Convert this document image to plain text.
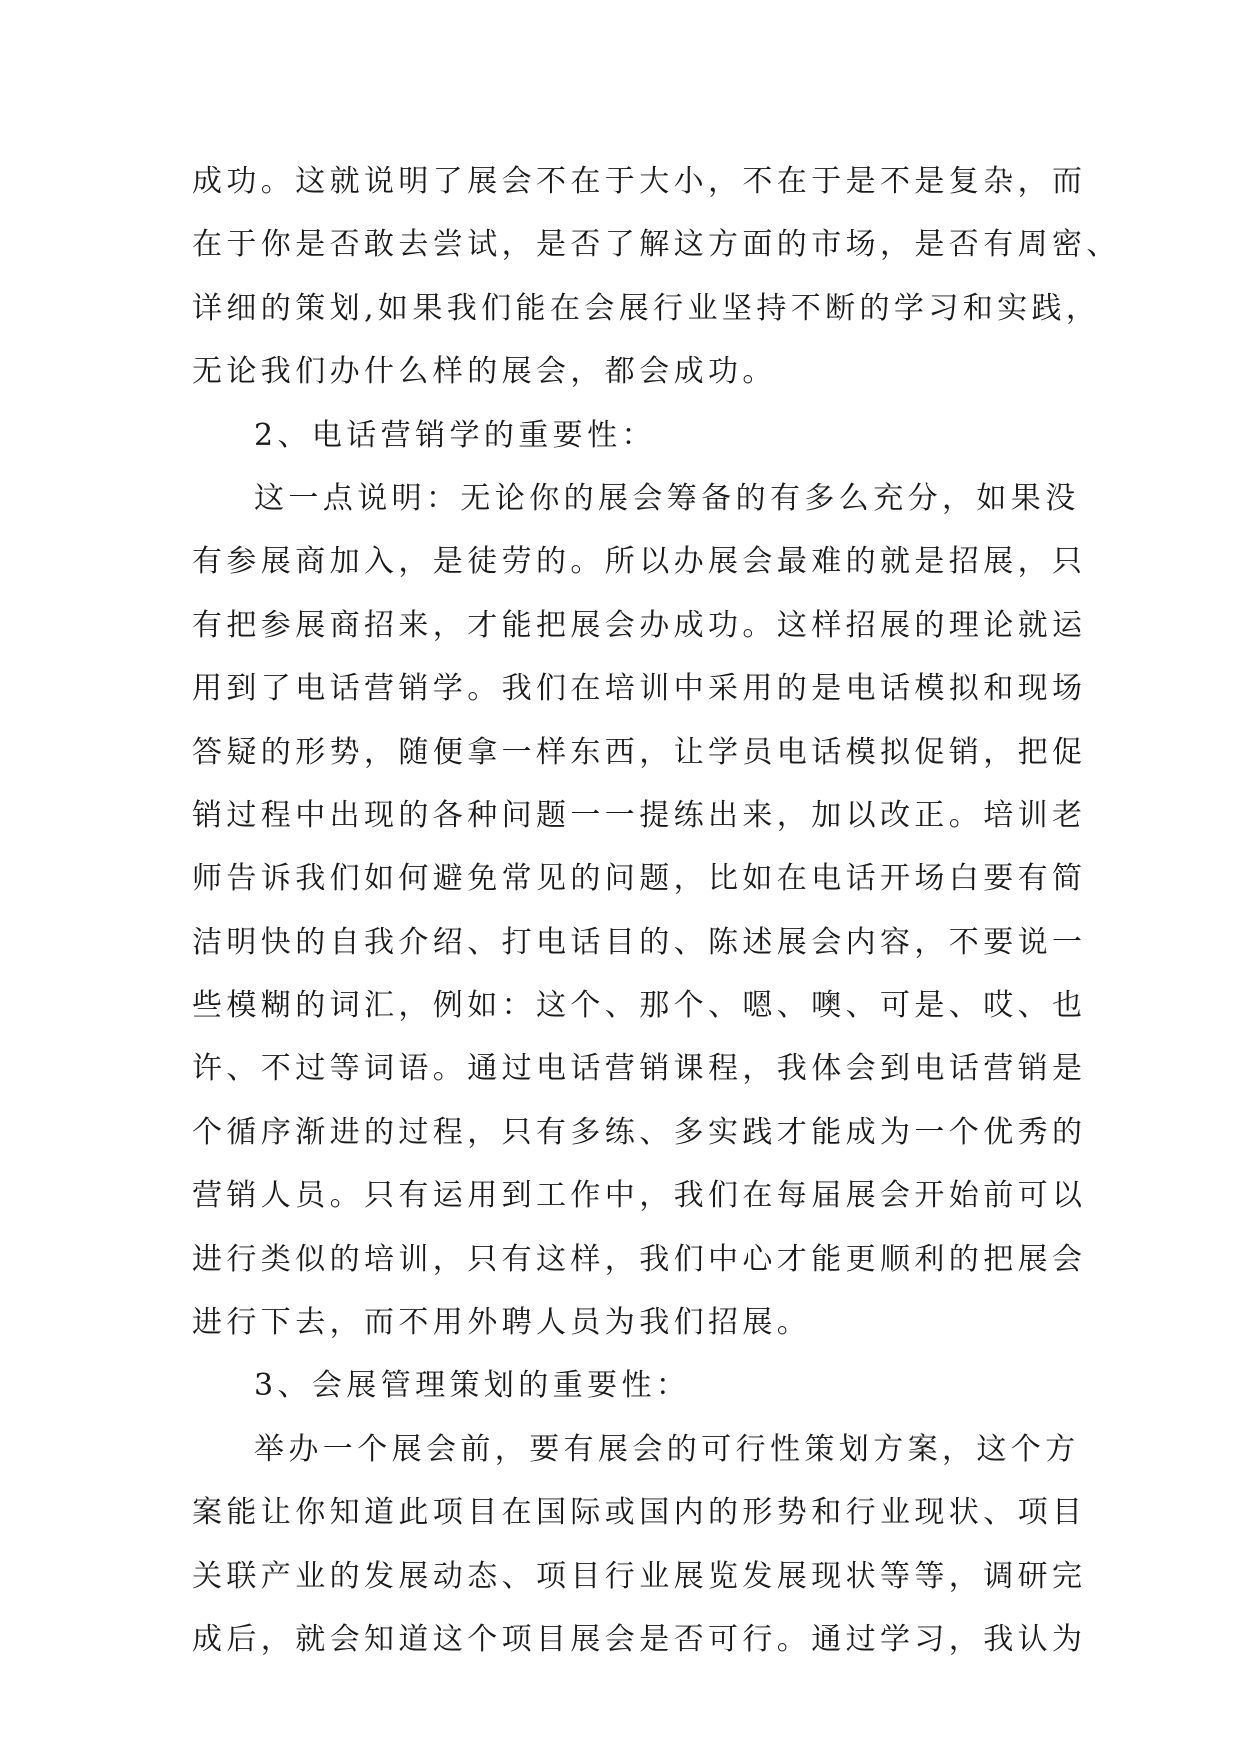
成功。这就说明了展会不在于大小，不在于是不是复杂，而
在于你是否敢去尝试，是否了解这方面的市场，是否有周密、
详细的策划,如果我们能在会展行业坚持不断的学习和实践，
无论我们办什么样的展会，都会成功。
2、电话营销学的重要性：
这一点说明：无论你的展会筹备的有多么充分，如果没
有参展商加入，是徒劳的。所以办展会最难的就是招展，只
有把参展商招来，才能把展会办成功。这样招展的理论就运
用到了电话营销学。我们在培训中采用的是电话模拟和现场
答疑的形势，随便拿一样东西，让学员电话模拟促销，把促
销过程中出现的各种问题一一提练出来，加以改正。培训老
师告诉我们如何避免常见的问题，比如在电话开场白要有简
洁明快的自我介绍、打电话目的、陈述展会内容，不要说一
些模糊的词汇，例如：这个、那个、嗯、噢、可是、哎、也
许、不过等词语。通过电话营销课程，我体会到电话营销是
个循序渐进的过程，只有多练、多实践才能成为一个优秀的
营销人员。只有运用到工作中，我们在每届展会开始前可以
进行类似的培训，只有这样，我们中心才能更顺利的把展会
进行下去，而不用外聘人员为我们招展。
3、会展管理策划的重要性：
举办一个展会前，要有展会的可行性策划方案，这个方
案能让你知道此项目在国际或国内的形势和行业现状、项目
关联产业的发展动态、项目行业展览发展现状等等，调研完
成后，就会知道这个项目展会是否可行。通过学习，我认为
